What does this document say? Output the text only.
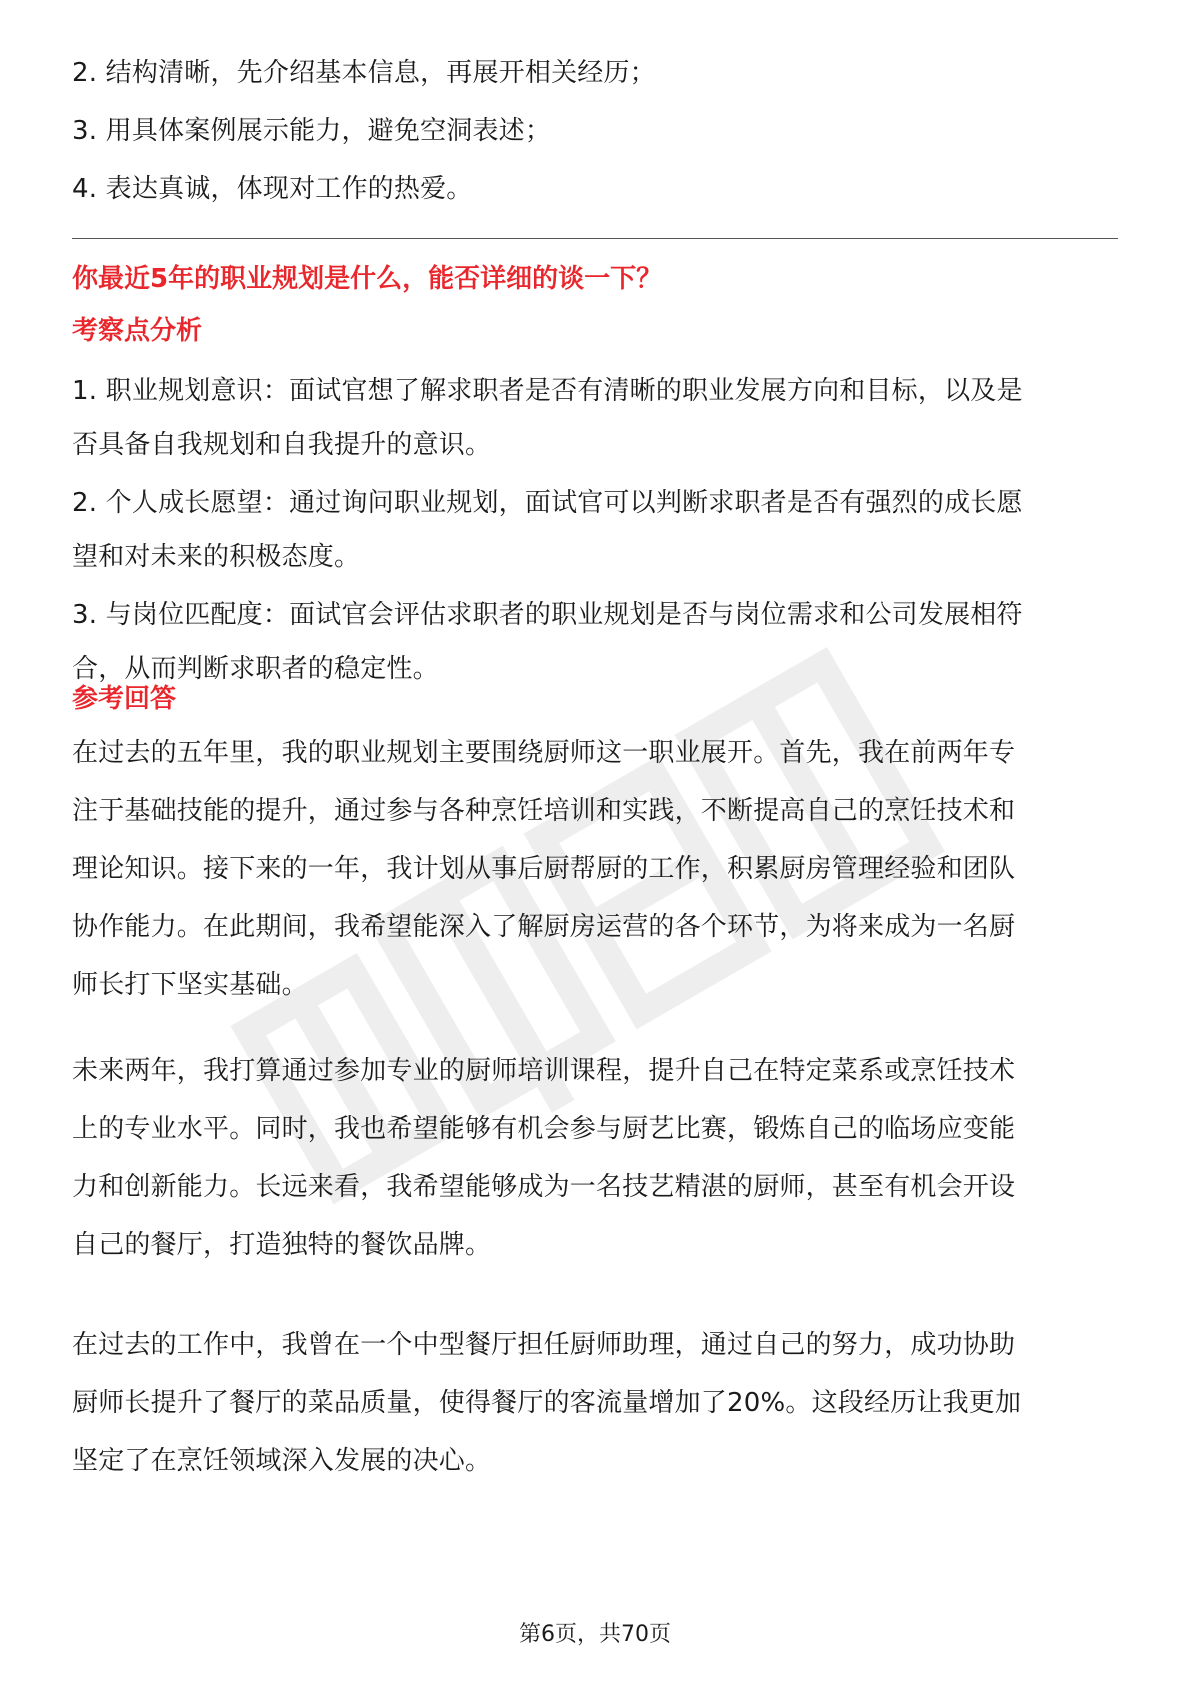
2. 结构清晰，先介绍基本信息，再展开相关经历；

3. 用具体案例展示能力，避免空洞表述；

4. 表达真诚，体现对工作的热爱。

你最近5年的职业规划是什么，能否详细的谈一下？
考察点分析

1. 职业规划意识：面试官想了解求职者是否有清晰的职业发展方向和目标，以及是

否具备自我规划和自我提升的意识。

2. 个人成长愿望：通过询问职业规划，面试官可以判断求职者是否有强烈的成长愿

望和对未来的积极态度。

3. 与岗位匹配度：面试官会评估求职者的职业规划是否与岗位需求和公司发展相符

合，从而判断求职者的稳定性。

参考回答

在过去的五年里，我的职业规划主要围绕厨师这一职业展开。首先，我在前两年专

注于基础技能的提升，通过参与各种烹饪培训和实践，不断提高自己的烹饪技术和

理论知识。接下来的一年，我计划从事后厨帮厨的工作，积累厨房管理经验和团队

协作能力。在此期间，我希望能深入了解厨房运营的各个环节，为将来成为一名厨

师长打下坚实基础。

未来两年，我打算通过参加专业的厨师培训课程，提升自己在特定菜系或烹饪技术

上的专业水平。同时，我也希望能够有机会参与厨艺比赛，锻炼自己的临场应变能

力和创新能力。长远来看，我希望能够成为一名技艺精湛的厨师，甚至有机会开设

自己的餐厅，打造独特的餐饮品牌。

在过去的工作中，我曾在一个中型餐厅担任厨师助理，通过自己的努力，成功协助

厨师长提升了餐厅的菜品质量，使得餐厅的客流量增加了20%。这段经历让我更加

坚定了在烹饪领域深入发展的决心。

第6页，共70页
